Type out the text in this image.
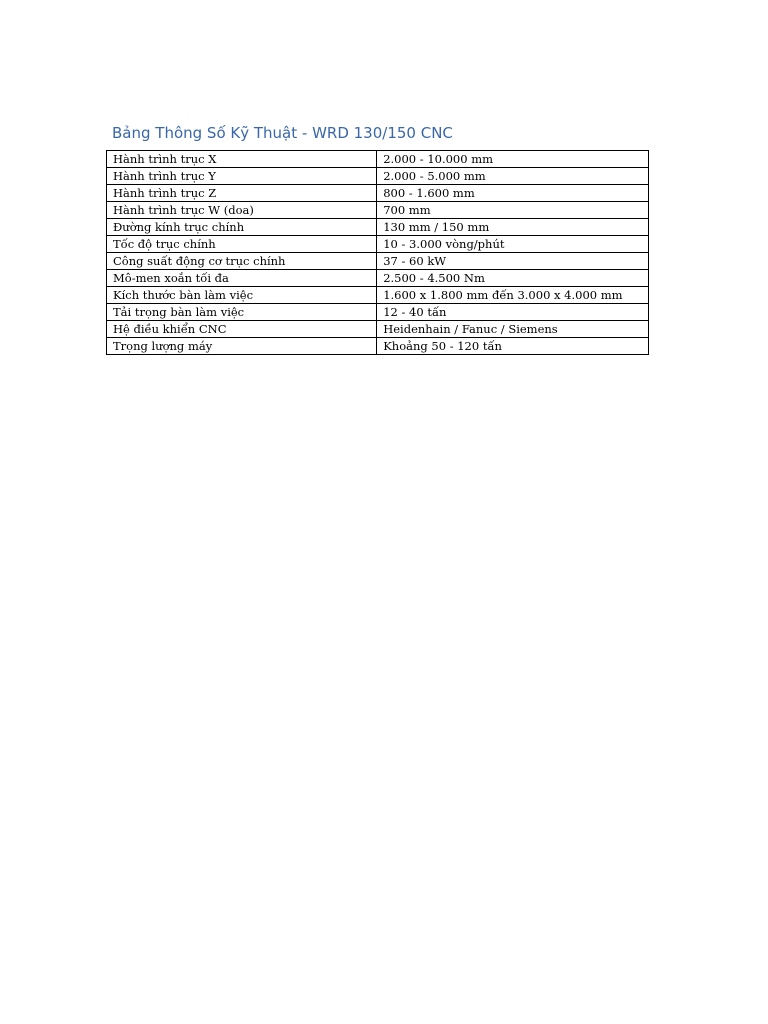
Bảng Thông Số Kỹ Thuật - WRD 130/150 CNC
Hành trình trục X	2.000 - 10.000 mm
Hành trình trục Y	2.000 - 5.000 mm
Hành trình trục Z	800 - 1.600 mm
Hành trình trục W (doa)	700 mm
Đường kính trục chính	130 mm / 150 mm
Tốc độ trục chính	10 - 3.000 vòng/phút
Công suất động cơ trục chính	37 - 60 kW
Mô-men xoắn tối đa	2.500 - 4.500 Nm
Kích thước bàn làm việc	1.600 x 1.800 mm đến 3.000 x 4.000 mm
Tải trọng bàn làm việc	12 - 40 tấn
Hệ điều khiển CNC	Heidenhain / Fanuc / Siemens
Trọng lượng máy	Khoảng 50 - 120 tấn
